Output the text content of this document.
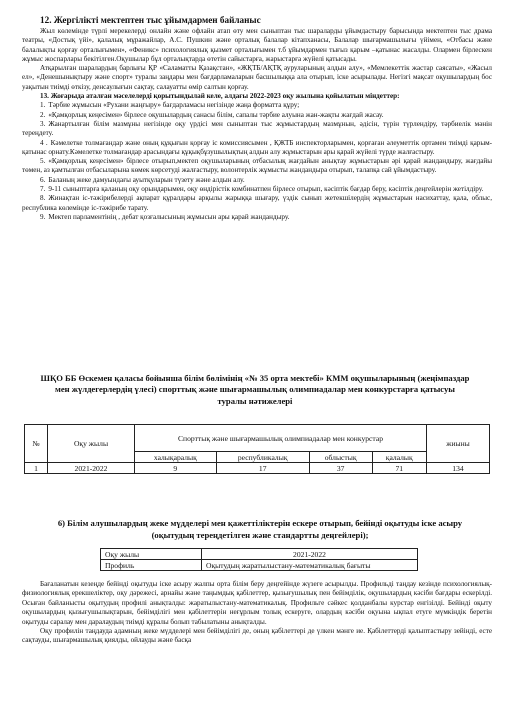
12. Жергілікті мектептен тыс ұйымдармен байланыс

Жыл көлемінде түрлі мерекелерді онлайн және офлайн атап өту мен сыныптан тыс шараларды ұйымдастыру барысында мектептен тыс драма театры, «Достық үйі», қалалық мұражайлар, А.С. Пушкин және орталық балалар кітапханасы, Балалар шығармашылығы үйімен, «Отбасы және балалықты қорғау орталығымен», «Феникс» психологиялық қызмет орталығымен т.б ұйымдармен тығыз қарым –қатынас жасалды. Олармен бірлескен жұмыс жоспарлары бекітілген.Оқушылар бұл орталықтарда өтетін сайыстарға, жарыстарға жүйелі қатысады.

Атқарылған шаралардың барлығы ҚР «Саламатты Қазақстан», «ЖҚТБ/АҚТҚ ауруларының алдын алу», «Мемлекеттік жастар саясаты», «Жасыл ел», «Денешынықтыру және спорт» туралы заңдары мен бағдарламаларын басшылыққа ала отырып, іске асырылады. Негізгі мақсат оқушылардың бос уақытын тиімді өткізу, денсаулығын сақтау, салауатты өмір салтын қорғау.

13. Жоғарыда аталған мәселелерді қорытындылай келе, алдағы 2022-2023 оқу жылына қойылатын міндеттер:

1. Тәрбие жұмысын «Рухани жаңғыру» бағдарламасы негізінде жаңа форматта құру;
2. «Қамқорлық кеңесімен» бірлесе оқушылардың санасы білім, сапалы тәрбие алуына жан-жақты жағдай жасау.
3. Жанартылған білім мазмұны негізінде оқу үрдісі мен сыныптан тыс жұмыстардың мазмұнын, әдісін, түрін түрлендіру, тәрбиелік мәнін тереңдету.
4 . Кәмелетке толмағандар және оның құқығын қорғау іс комиссиясымен , ҚЖТБ инспекторларымен, қорғаған әлеуметтік ортамен тиімді қарым-қатынас орнату.Кәмелетке толмағандар арасындағы құқықбұзушылықтың алдын алу жұмыстарын ары қарай жүйелі түрде жалғастыру.
5. «Қамқорлық кеңесімен» бірлесе отырып,мектеп оқушыларының отбасылық жағдайын анықтау жұмыстарын әрі қарай жандандыру, жағдайы төмен, аз қамтылған отбасыларына көмек көрсетуді жалғастыру, волонтерлік жұмысты жандандыра отырып, талапқа сай ұйымдастыру.
6. Баланың жеке дамуындағы ауытқуларын түзету және алдын алу.
7. 9-11 сыныптарға қаланың оқу орындарымен, оқу өндірістік комбинатпен бірлесе отырып, кәсіптік бағдар беру, кәсіптік деңгейлерін жетілдіру.
8. Жинақтан іс-тәжірибелерді ақпарат құралдары арқылы жарыққа шығару, үздік сынып жетекшілердің жұмыстарын насихаттау, қала, облыс, республика көлемінде іс-тәжірибе тарату.
9. Мектеп парламентінің , дебат қозғалысының жұмысын ары қарай жандандыру.
ШҚО ББ Өскемен қаласы бойынша білім бөлімінің «№ 35 орта мектебі» КММ оқушыларының (жеңімпаздар мен жүлдегерлердің үлесі) спорттық және шығармашылық олимпиадалар мен конкурстарға қатысуы туралы нәтижелері
№	Оқу жылы	Спорттық және шығармашылық олимпиадалар мен конкурстар				жиыны
		халықаралық	республикалық	облыстық	қалалық	
1	2021-2022	9	17	37	71	134
6) Білім алушылардың жеке мүдделері мен қажеттіліктерін ескере отырып, бейінді оқытуды іске асыру (оқытудың тереңдетілген және стандартты деңгейлері);
Оқу жылы	2021-2022
Профиль	Оқытудың жаратылыстану-математикалық бағыты

Бағаланатын кезеңде бейінді оқытуды іске асыру жалпы орта білім беру деңгейінде жүзеге асырылды. Профильді таңдау кезінде психологиялық-физиологиялық ерекшеліктер, оқу дәрежесі, арнайы және таңымдық қабілеттер, қызығушылық пен бейімділік, оқушылардың кәсіби бағдары ескерілді. Осыған байланысты оқытудың профилі анықталды: жаратылыстану-математикалық. Профильге сәйкес қолданбалы курстар енгізілді. Бейінді оқыту оқушылардың қызығушылықтарын, бейімділігі мен қабілеттерін неғұрлым толық ескеруге, олардың кәсіби оқуына ықпал етуге мүмкіндік беретін оқытуды саралау мен даралаудың тиімді құралы болып табылатыны анықталды.

Оқу профилін таңдауда адамның жеке мүдделері мен бейімділігі де, оның қабілеттері де үлкен мәнге ие. Қабілеттерді қалыптастыру зейінді, есте сақтауды, шығармашылық қиялды, ойлауды және басқа
